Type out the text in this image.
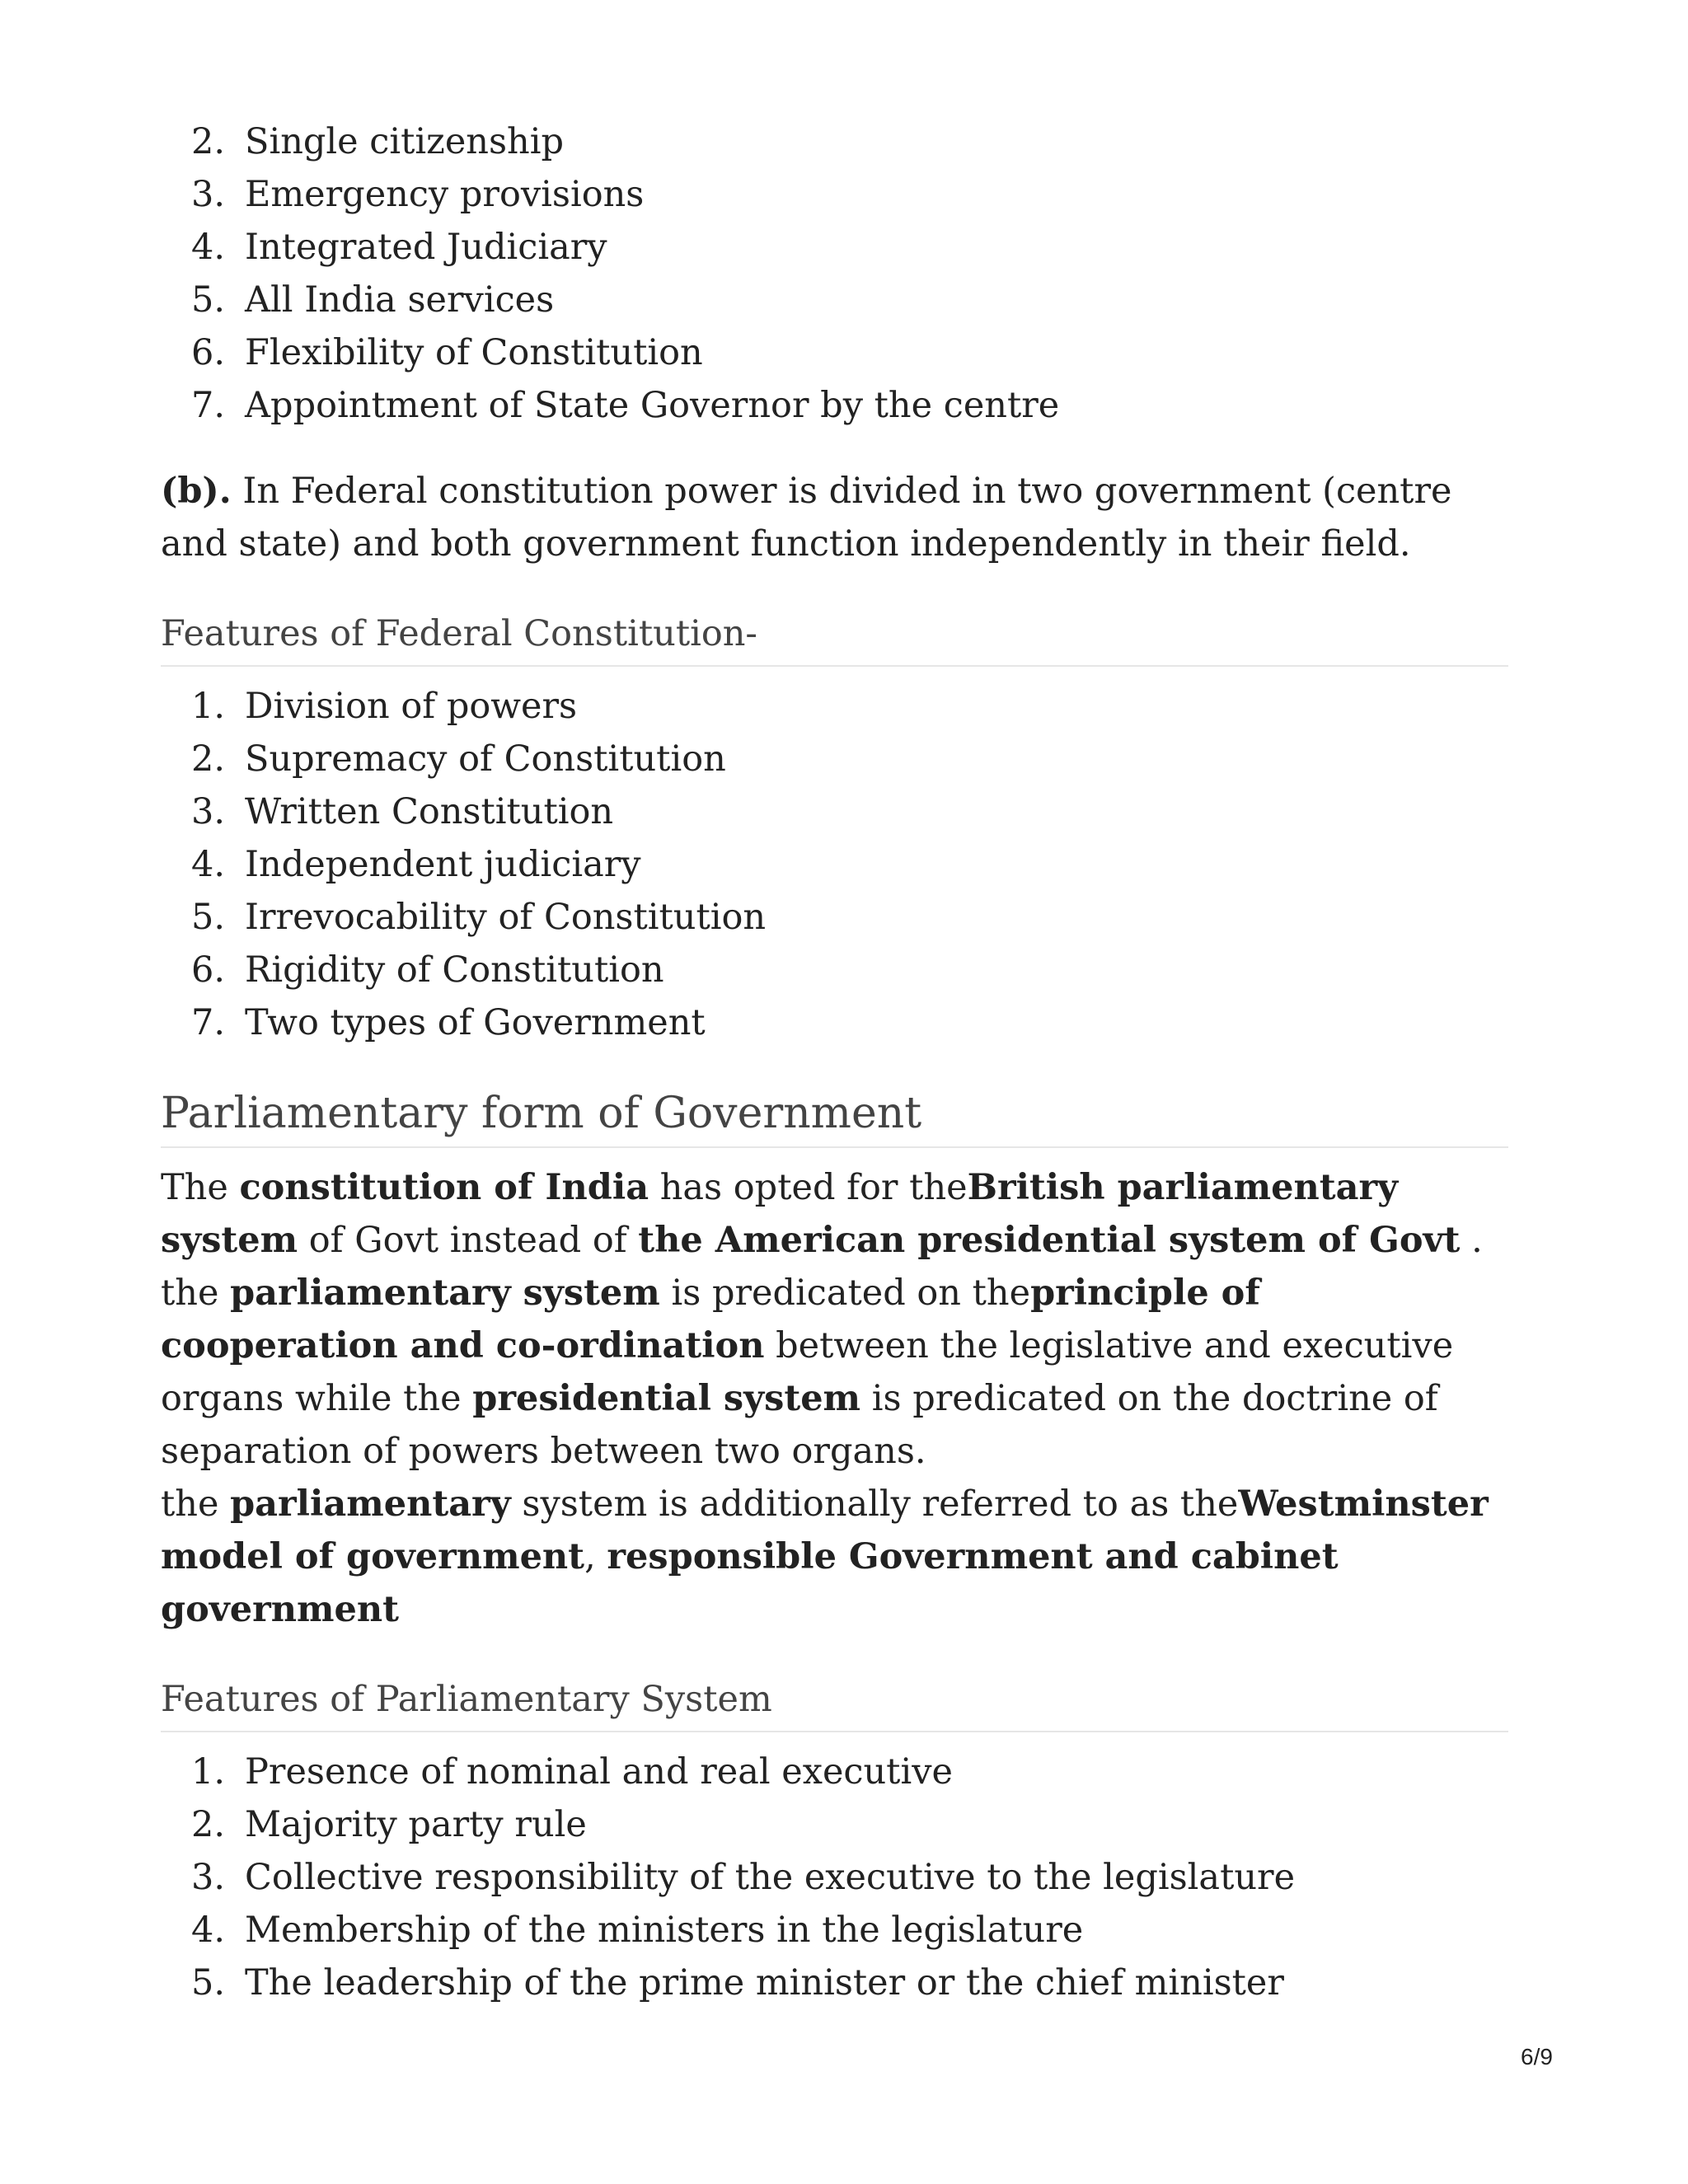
2. Single citizenship
3. Emergency provisions
4. Integrated Judiciary
5. All India services
6. Flexibility of Constitution
7. Appointment of State Governor by the centre

(b). In Federal constitution power is divided in two government (centre and state) and both government function independently in their field.

Features of Federal Constitution-
1. Division of powers
2. Supremacy of Constitution
3. Written Constitution
4. Independent judiciary
5. Irrevocability of Constitution
6. Rigidity of Constitution
7. Two types of Government
Parliamentary form of Government

The constitution of India has opted for theBritish parliamentary system of Govt instead of the American presidential system of Govt . the parliamentary system is predicated on theprinciple of cooperation and co-ordination between the legislative and executive organs while the presidential system is predicated on the doctrine of separation of powers between two organs.

the parliamentary system is additionally referred to as theWestminster model of government, responsible Government and cabinet government

Features of Parliamentary System
1. Presence of nominal and real executive
2. Majority party rule
3. Collective responsibility of the executive to the legislature
4. Membership of the ministers in the legislature
5. The leadership of the prime minister or the chief minister
6/9
